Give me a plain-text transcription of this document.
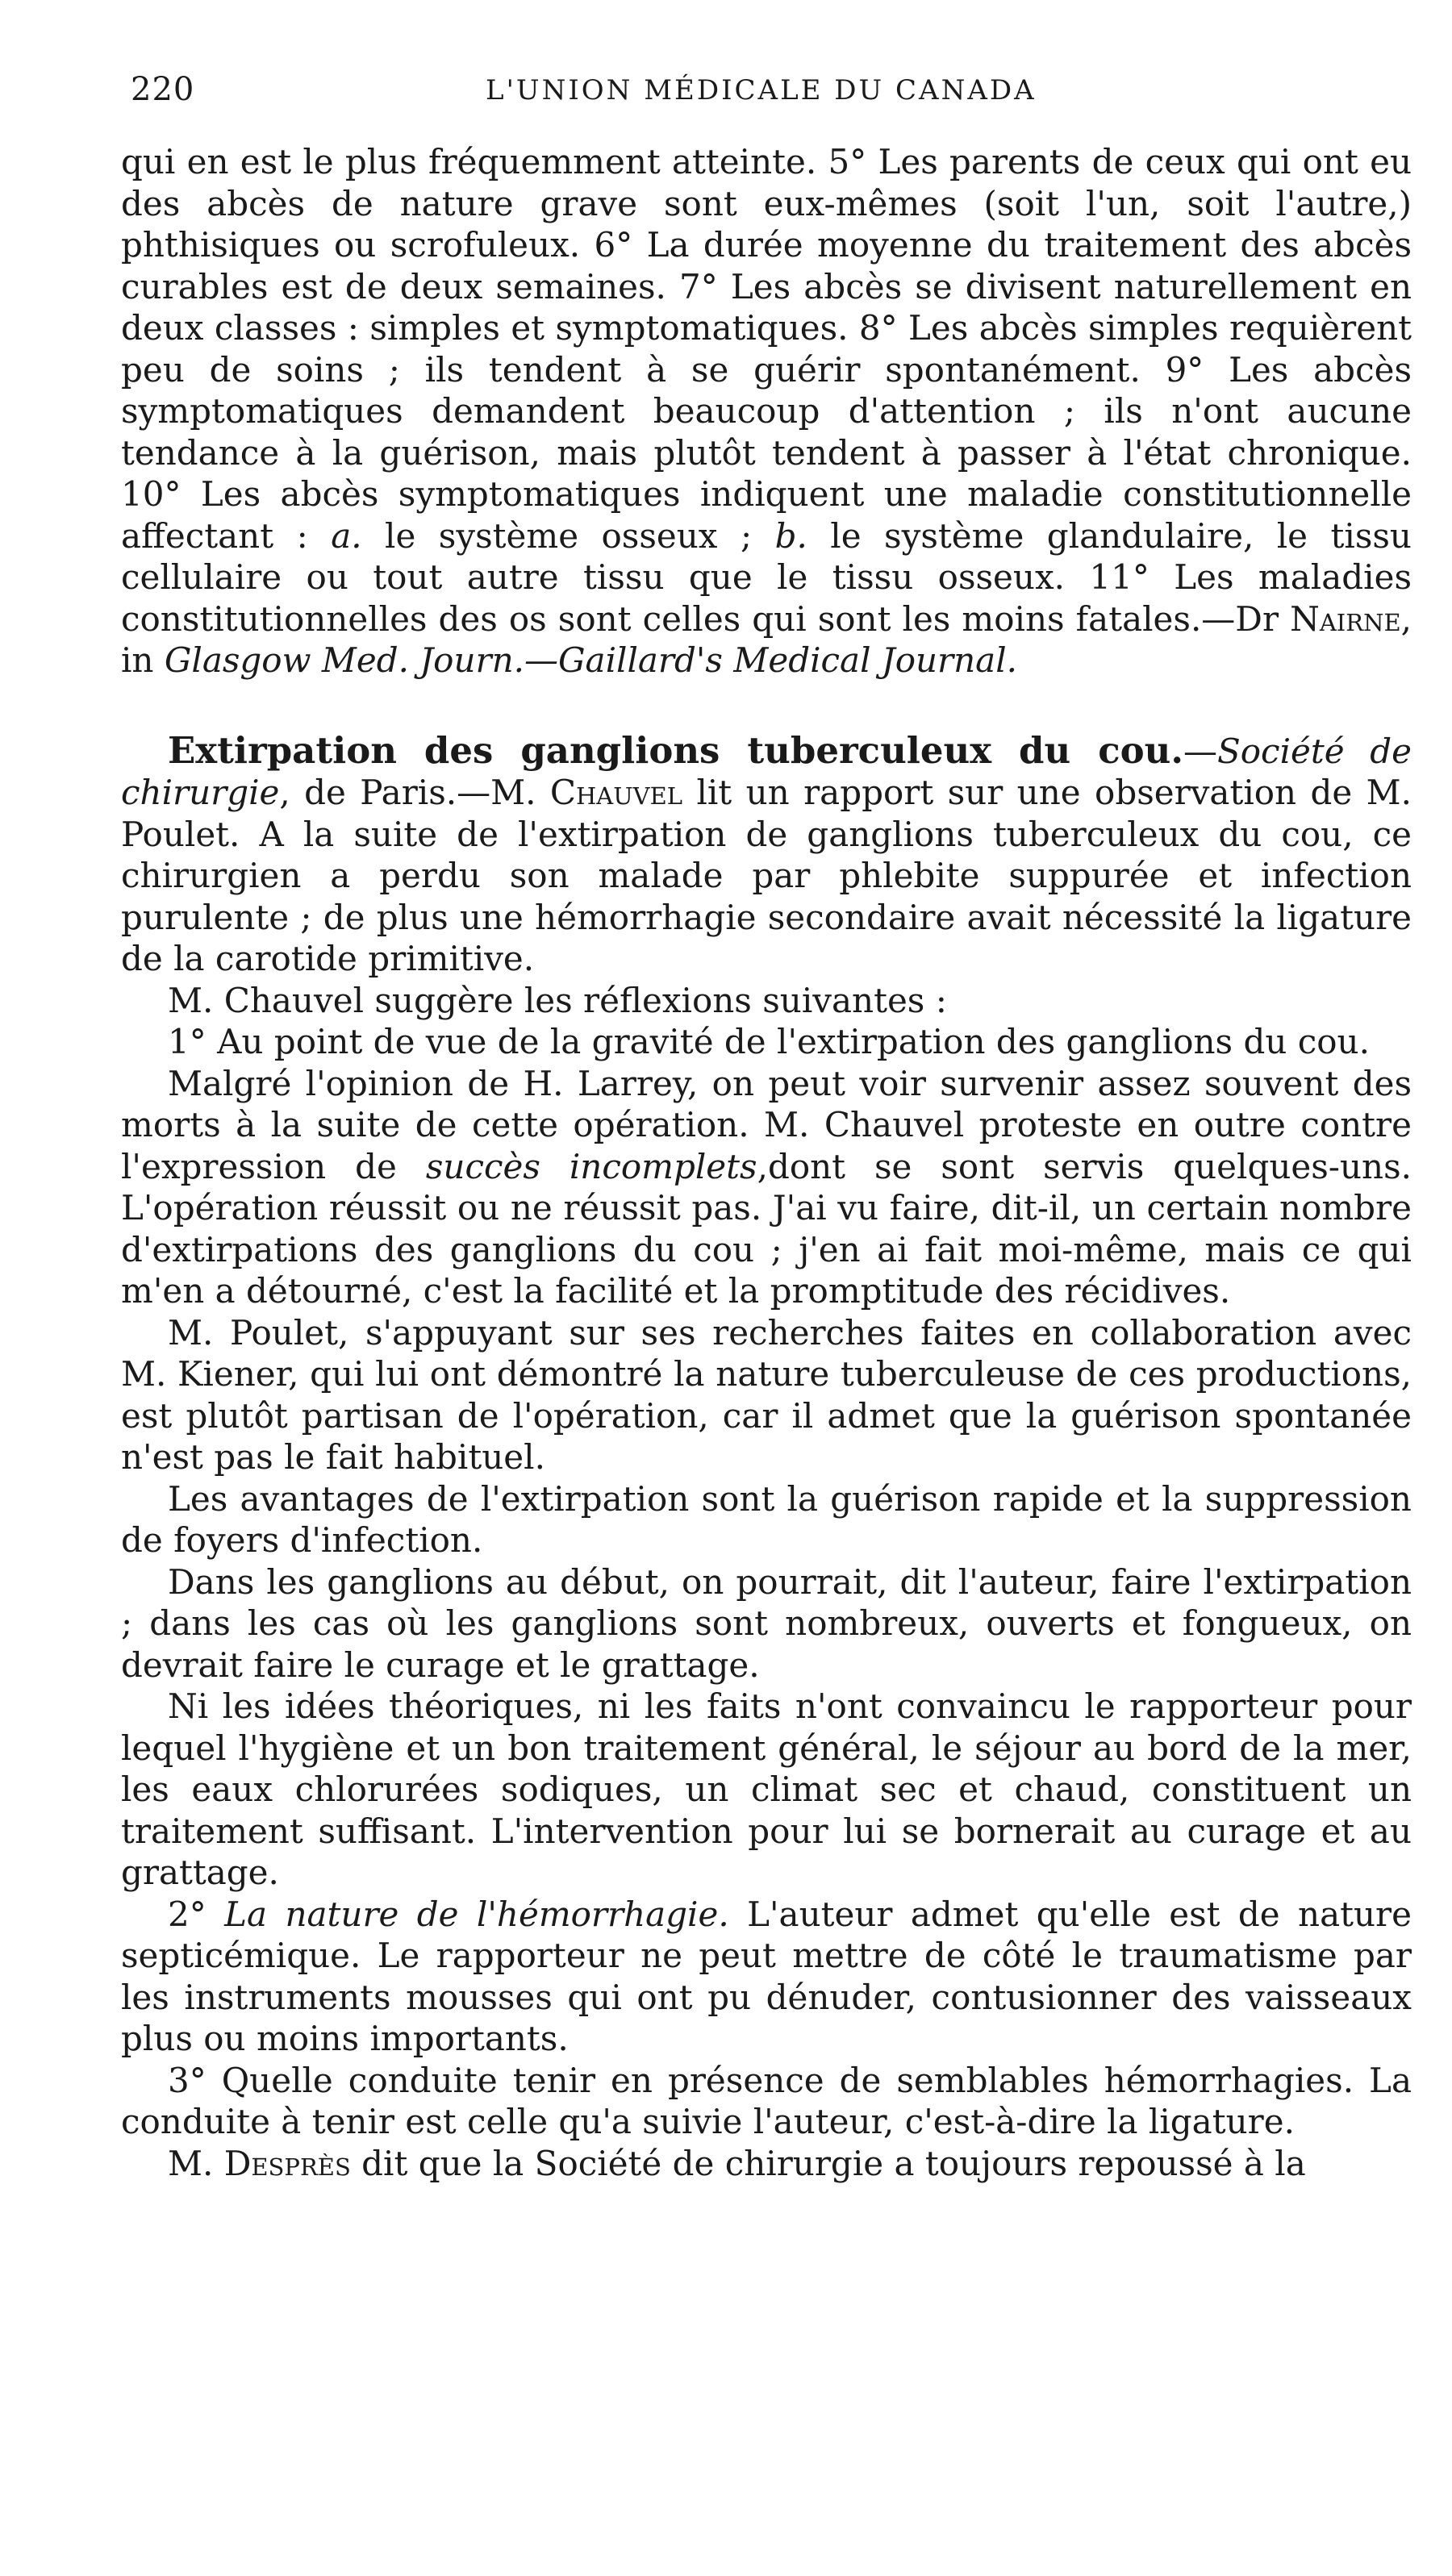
220	L'UNION MÉDICALE DU CANADA

qui en est le plus fréquemment atteinte. 5° Les parents de ceux qui ont eu des abcès de nature grave sont eux-mêmes (soit l'un, soit l'autre,) phthisiques ou scrofuleux. 6° La durée moyenne du traitement des abcès curables est de deux semaines. 7° Les abcès se divisent naturellement en deux classes : simples et symptomatiques. 8° Les abcès simples requièrent peu de soins ; ils tendent à se guérir spontanément. 9° Les abcès symptomatiques demandent beaucoup d'attention ; ils n'ont aucune tendance à la guérison, mais plutôt tendent à passer à l'état chronique. 10° Les abcès symptomatiques indiquent une maladie constitutionnelle affectant : a. le système osseux ; b. le système glandulaire, le tissu cellulaire ou tout autre tissu que le tissu osseux. 11° Les maladies constitutionnelles des os sont celles qui sont les moins fatales.—Dr Nairne, in Glasgow Med. Journ.—Gaillard's Medical Journal.

Extirpation des ganglions tuberculeux du cou.—Société de chirurgie, de Paris.—M. Chauvel lit un rapport sur une observation de M. Poulet. A la suite de l'extirpation de ganglions tuberculeux du cou, ce chirurgien a perdu son malade par phlebite suppurée et infection purulente ; de plus une hémorrhagie secondaire avait nécessité la ligature de la carotide primitive.

M. Chauvel suggère les réflexions suivantes :

1° Au point de vue de la gravité de l'extirpation des ganglions du cou.

Malgré l'opinion de H. Larrey, on peut voir survenir assez souvent des morts à la suite de cette opération. M. Chauvel proteste en outre contre l'expression de succès incomplets,dont se sont servis quelques-uns. L'opération réussit ou ne réussit pas. J'ai vu faire, dit-il, un certain nombre d'extirpations des ganglions du cou ; j'en ai fait moi-même, mais ce qui m'en a détourné, c'est la facilité et la promptitude des récidives.

M. Poulet, s'appuyant sur ses recherches faites en collaboration avec M. Kiener, qui lui ont démontré la nature tuberculeuse de ces productions, est plutôt partisan de l'opération, car il admet que la guérison spontanée n'est pas le fait habituel.

Les avantages de l'extirpation sont la guérison rapide et la suppression de foyers d'infection.

Dans les ganglions au début, on pourrait, dit l'auteur, faire l'extirpation ; dans les cas où les ganglions sont nombreux, ouverts et fongueux, on devrait faire le curage et le grattage.

Ni les idées théoriques, ni les faits n'ont convaincu le rapporteur pour lequel l'hygiène et un bon traitement général, le séjour au bord de la mer, les eaux chlorurées sodiques, un climat sec et chaud, constituent un traitement suffisant. L'intervention pour lui se bornerait au curage et au grattage.

2° La nature de l'hémorrhagie. L'auteur admet qu'elle est de nature septicémique. Le rapporteur ne peut mettre de côté le traumatisme par les instruments mousses qui ont pu dénuder, contusionner des vaisseaux plus ou moins importants.

3° Quelle conduite tenir en présence de semblables hémorrhagies. La conduite à tenir est celle qu'a suivie l'auteur, c'est-à-dire la ligature.

M. Desprès dit que la Société de chirurgie a toujours repoussé à la
